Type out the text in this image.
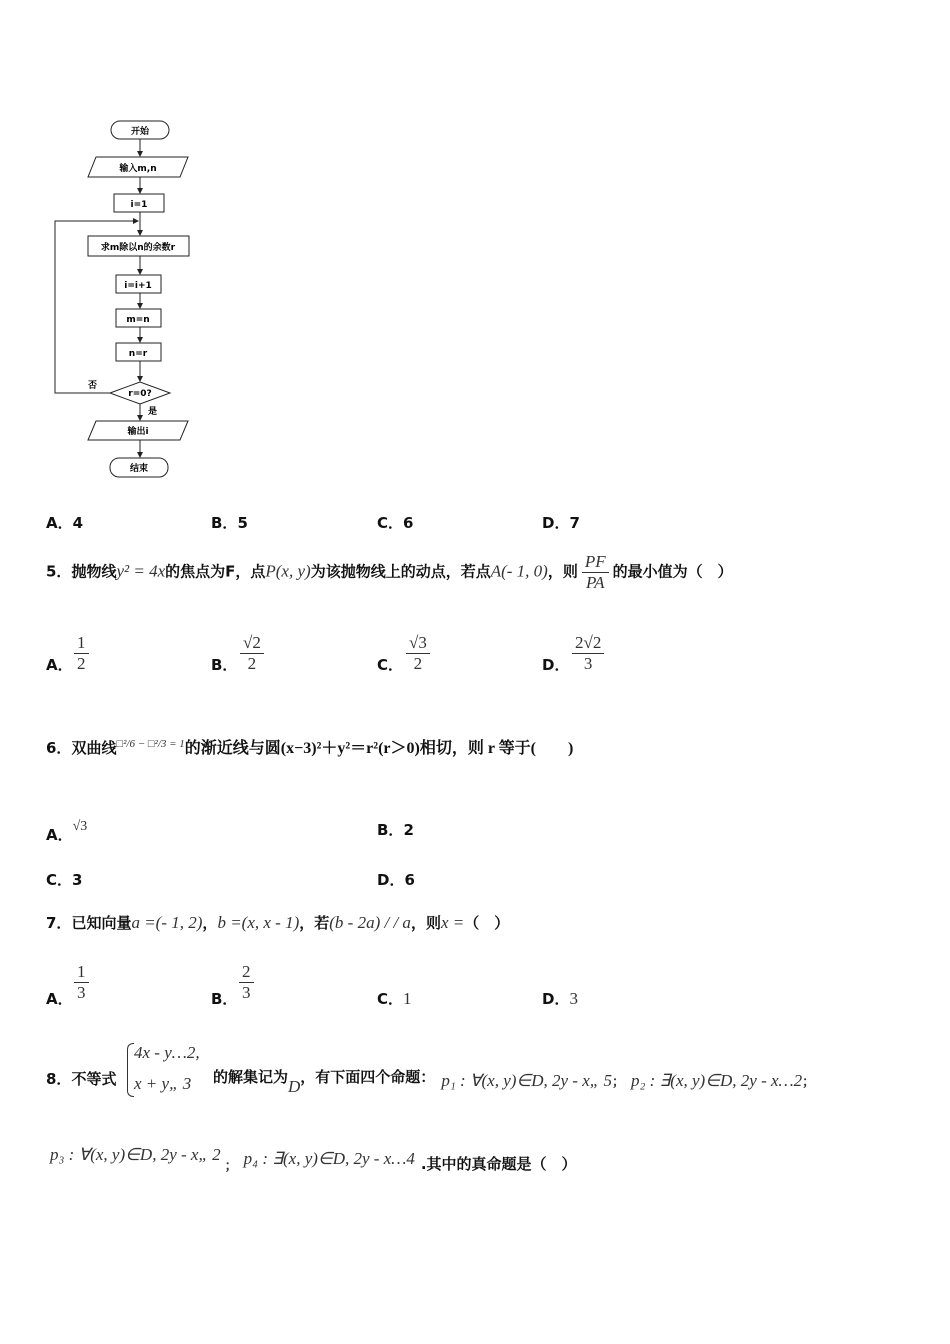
开始
输入m,n
i=1
求m除以n的余数r
i=i+1
m=n
n=r
r=0?
否
是
输出i
结束
A．4	B．5	C．6	D．7
5．抛物线y² = 4x的焦点为F，点P(x, y)为该抛物线上的动点，若点A(- 1, 0)，则 $\frac{PF}{PA}$ 的最小值为（　）
A． $\frac{1}{2}$	B． $\frac{√2}{2}$	C． $\frac{√3}{2}$	D． $\frac{2√2}{3}$
6．双曲线$^{□^2/6 - □^2/3 = 1}$的渐近线与圆(x−3)²＋y²＝r²(r＞0)相切，则 r 等于(　　)
A．√3	B．2
C．3	D．6
7．已知向量a =(- 1, 2)，b =(x, x - 1)，若(b - 2a) / / a，则x =（　）
A． $\frac{1}{3}$	B． $\frac{2}{3}$	C．1	D．3
8．不等式
4x - y…2,
x + y„ 3 的解集记为D，有下面四个命题： p₁ : ∀(x, y)∈D, 2y - x„ 5； p₂ : ∃(x, y)∈D, 2y - x…2；
p₃ : ∀(x, y)∈D, 2y - x„ $2_;$ p₄ : ∃(x, y)∈D, 2y - x…4 .其中的真命题是（　）
